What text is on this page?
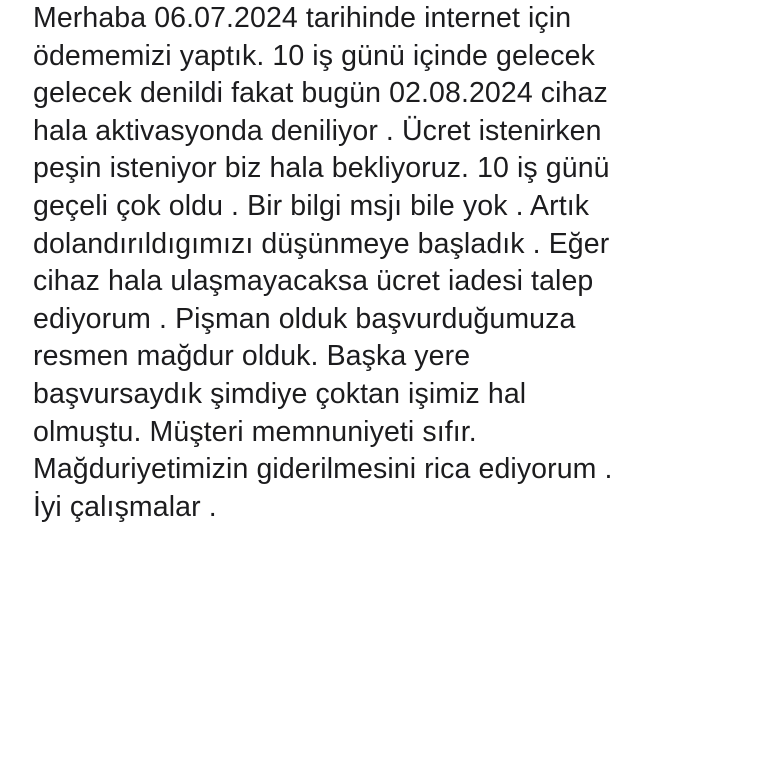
Merhaba 06.07.2024 tarihinde internet için
ödememizi yaptık. 10 iş günü içinde gelecek
gelecek denildi fakat bugün 02.08.2024 cihaz
hala aktivasyonda deniliyor . Ücret istenirken
peşin isteniyor biz hala bekliyoruz. 10 iş günü
geçeli çok oldu . Bir bilgi msjı bile yok . Artık
dolandırıldıgımızı düşünmeye başladık . Eğer
cihaz hala ulaşmayacaksa ücret iadesi talep
ediyorum . Pişman olduk başvurduğumuza
resmen mağdur olduk. Başka yere
başvursaydık şimdiye çoktan işimiz hal
olmuştu. Müşteri memnuniyeti sıfır.
Mağduriyetimizin giderilmesini rica ediyorum .
İyi çalışmalar .
